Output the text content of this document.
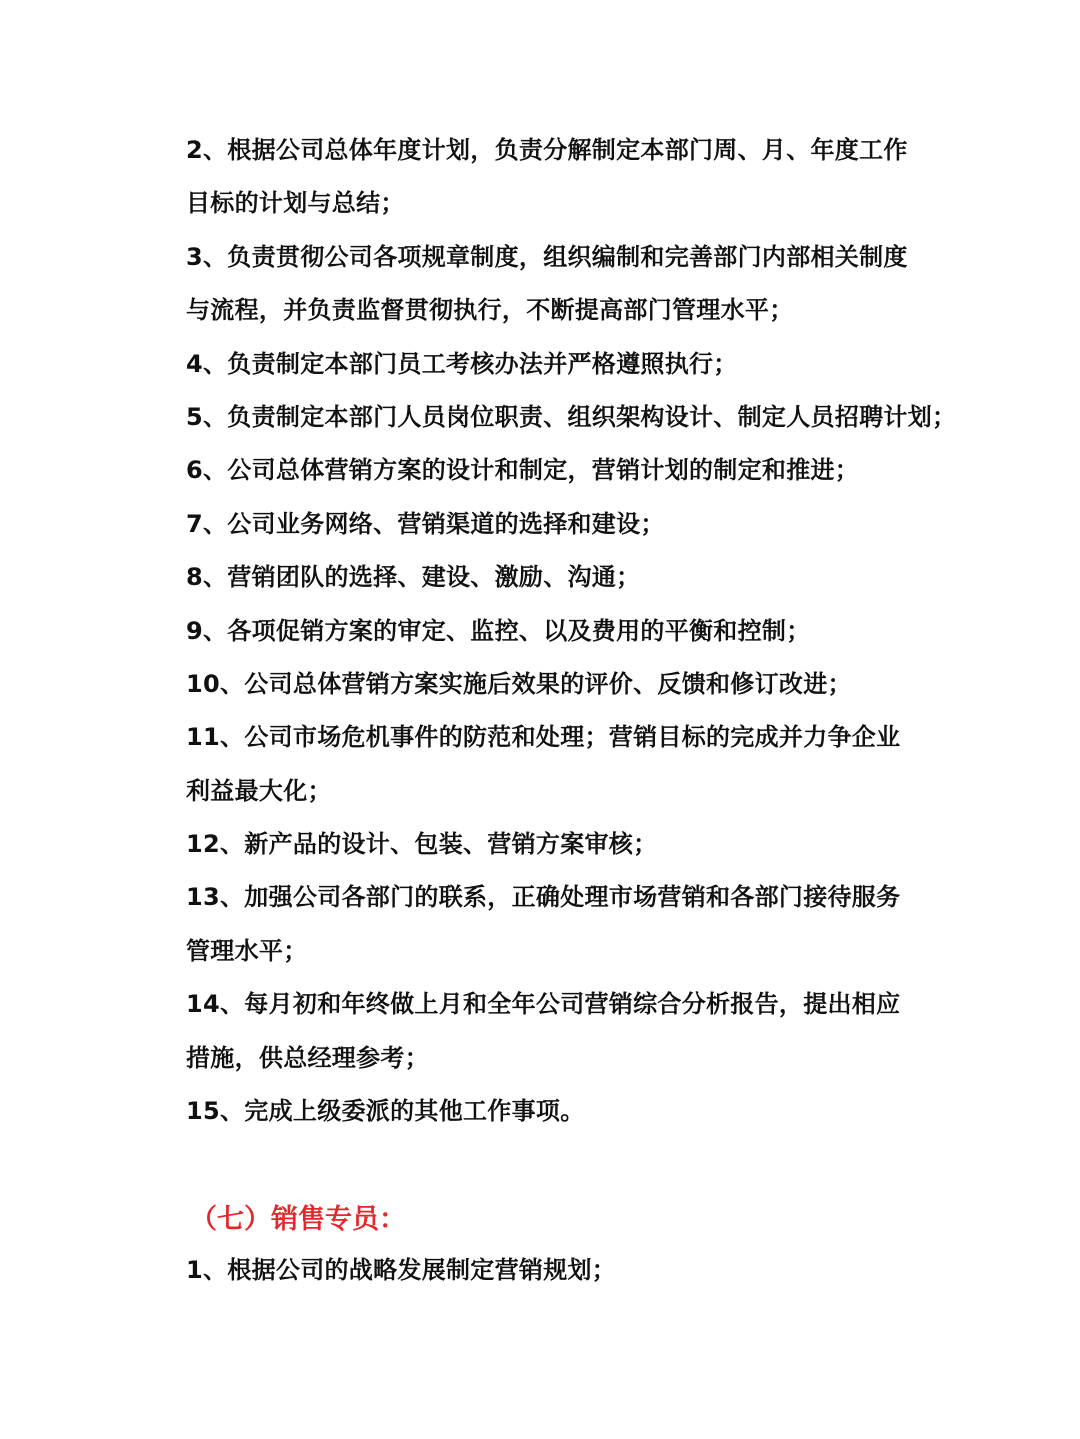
2、根据公司总体年度计划，负责分解制定本部门周、月、年度工作
目标的计划与总结；
3、负责贯彻公司各项规章制度，组织编制和完善部门内部相关制度
与流程，并负责监督贯彻执行，不断提高部门管理水平；
4、负责制定本部门员工考核办法并严格遵照执行；
5、负责制定本部门人员岗位职责、组织架构设计、制定人员招聘计划；
6、公司总体营销方案的设计和制定，营销计划的制定和推进；
7、公司业务网络、营销渠道的选择和建设；
8、营销团队的选择、建设、激励、沟通；
9、各项促销方案的审定、监控、以及费用的平衡和控制；
10、公司总体营销方案实施后效果的评价、反馈和修订改进；
11、公司市场危机事件的防范和处理；营销目标的完成并力争企业
利益最大化；
12、新产品的设计、包装、营销方案审核；
13、加强公司各部门的联系，正确处理市场营销和各部门接待服务
管理水平；
14、每月初和年终做上月和全年公司营销综合分析报告，提出相应
措施，供总经理参考；
15、完成上级委派的其他工作事项。
（七）销售专员：
1、根据公司的战略发展制定营销规划；
